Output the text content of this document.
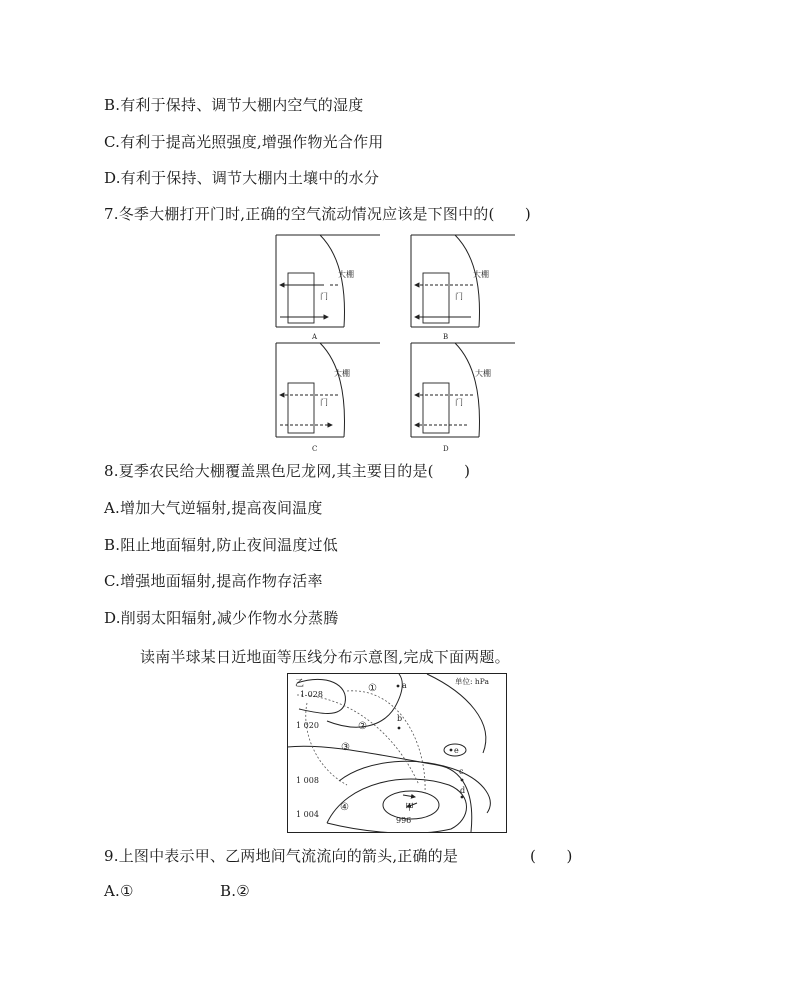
B.有利于保持、调节大棚内空气的湿度
C.有利于提高光照强度,增强作物光合作用
D.有利于保持、调节大棚内土壤中的水分
7.冬季大棚打开门时,正确的空气流动情况应该是下图中的(　　)
大棚
门
A
大棚
门
B
大棚
门
C
大棚
门
D
8.夏季农民给大棚覆盖黑色尼龙网,其主要目的是(　　)
A.增加大气逆辐射,提高夜间温度
B.阻止地面辐射,防止夜间温度过低
C.增强地面辐射,提高作物存活率
D.削弱太阳辐射,减少作物水分蒸腾
读南半球某日近地面等压线分布示意图,完成下面两题。
单位: hPa
乙
甲
1 028
1 020
1 008
1 004
996
①
②
③
④
a
b
e
c
d
9.上图中表示甲、乙两地间气流流向的箭头,正确的是	(　　)
A.①	B.②
